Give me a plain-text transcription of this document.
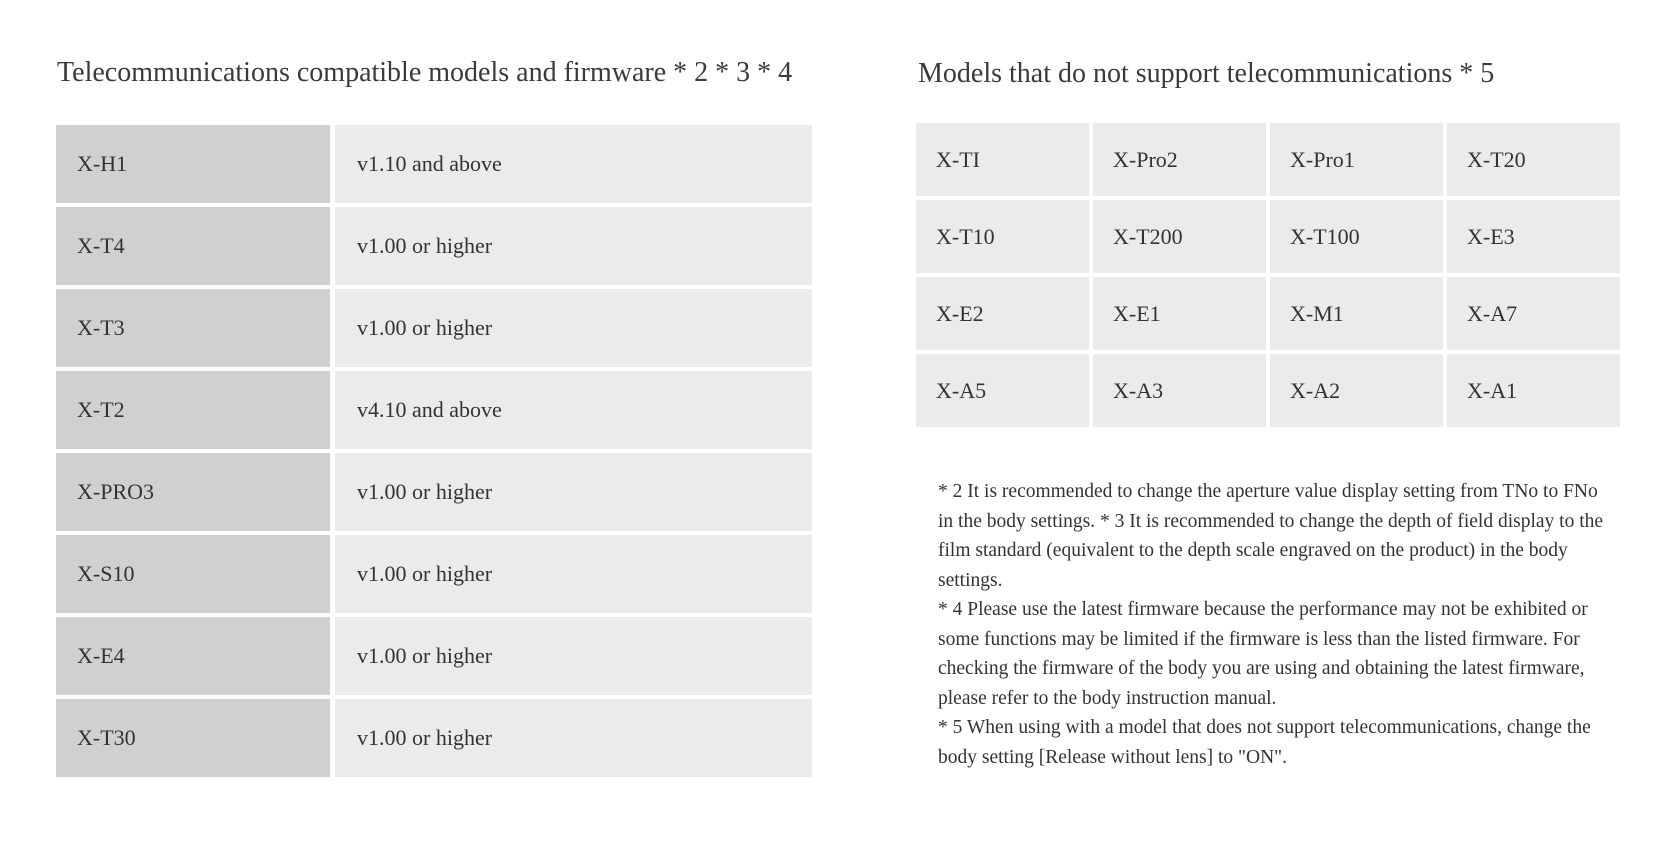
Telecommunications compatible models and firmware * 2 * 3 * 4
X-H1	v1.10 and above
X-T4	v1.00 or higher
X-T3	v1.00 or higher
X-T2	v4.10 and above
X-PRO3	v1.00 or higher
X-S10	v1.00 or higher
X-E4	v1.00 or higher
X-T30	v1.00 or higher
Models that do not support telecommunications * 5
X-TI	X-Pro2	X-Pro1	X-T20
X-T10	X-T200	X-T100	X-E3
X-E2	X-E1	X-M1	X-A7
X-A5	X-A3	X-A2	X-A1

* 2 It is recommended to change the aperture value display setting from TNo to FNo in the body settings. * 3 It is recommended to change the depth of field display to the film standard (equivalent to the depth scale engraved on the product) in the body settings.

* 4 Please use the latest firmware because the performance may not be exhibited or some functions may be limited if the firmware is less than the listed firmware. For checking the firmware of the body you are using and obtaining the latest firmware, please refer to the body instruction manual.

* 5 When using with a model that does not support telecommunications, change the body setting [Release without lens] to "ON".
